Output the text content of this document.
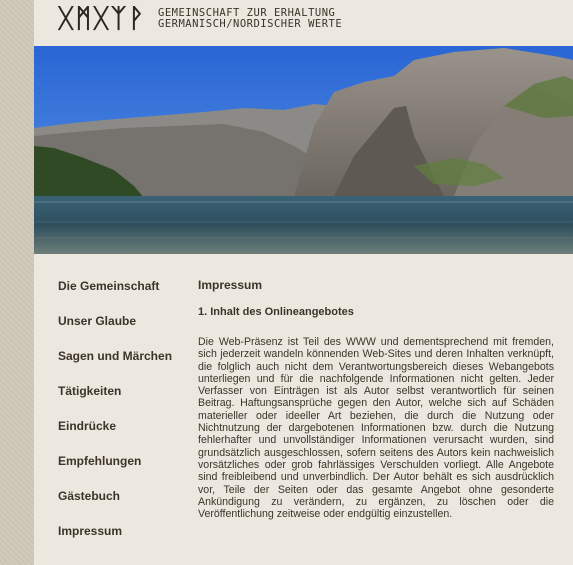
ᚷᛗᚷᛉᚹ GEMEINSCHAFT ZUR ERHALTUNG
GERMANISCH/NORDISCHER WERTE
Die Gemeinschaft
Unser Glaube
Sagen und Märchen
Tätigkeiten
Eindrücke
Empfehlungen
Gästebuch
Impressum
Impressum
1. Inhalt des Onlineangebotes

Die Web-Präsenz ist Teil des WWW und dementsprechend mit fremden, sich jederzeit wandeln könnenden Web-Sites und deren Inhalten verknüpft, die folglich auch nicht dem Verantwortungsbereich dieses Webangebots unterliegen und für die nachfolgende Informationen nicht gelten. Jeder Verfasser von Einträgen ist als Autor selbst verantwortlich für seinen Beitrag. Haftungsansprüche gegen den Autor, welche sich auf Schäden materieller oder ideeller Art beziehen, die durch die Nutzung oder Nichtnutzung der dargebotenen Informationen bzw. durch die Nutzung fehlerhafter und unvollständiger Informationen verursacht wurden, sind grundsätzlich ausgeschlossen, sofern seitens des Autors kein nachweislich vorsätzliches oder grob fahrlässiges Verschulden vorliegt. Alle Angebote sind freibleibend und unverbindlich. Der Autor behält es sich ausdrücklich vor, Teile der Seiten oder das gesamte Angebot ohne gesonderte Ankündigung zu verändern, zu ergänzen, zu löschen oder die Veröffentlichung zeitweise oder endgültig einzustellen.
